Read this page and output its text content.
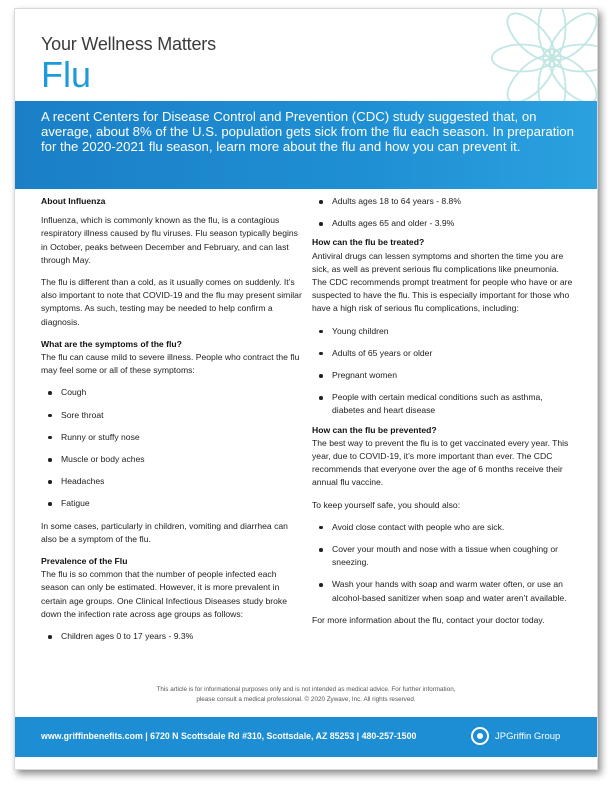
Your Wellness Matters
Flu

A recent Centers for Disease Control and Prevention (CDC) study suggested that, on average, about 8% of the U.S. population gets sick from the flu each season. In preparation for the 2020-2021 flu season, learn more about the flu and how you can prevent it.

About Influenza

Influenza, which is commonly known as the flu, is a contagious respiratory illness caused by flu viruses. Flu season typically begins in October, peaks between December and February, and can last through May.

The flu is different than a cold, as it usually comes on suddenly. It’s also important to note that COVID-19 and the flu may present similar symptoms. As such, testing may be needed to help confirm a diagnosis.

What are the symptoms of the flu?

The flu can cause mild to severe illness. People who contract the flu may feel some or all of these symptoms:

Cough
Sore throat
Runny or stuffy nose
Muscle or body aches
Headaches
Fatigue

In some cases, particularly in children, vomiting and diarrhea can also be a symptom of the flu.

Prevalence of the Flu

The flu is so common that the number of people infected each season can only be estimated. However, it is more prevalent in certain age groups. One Clinical Infectious Diseases study broke down the infection rate across age groups as follows:

Children ages 0 to 17 years - 9.3%
Adults ages 18 to 64 years - 8.8%
Adults ages 65 and older - 3.9%
How can the flu be treated?

Antiviral drugs can lessen symptoms and shorten the time you are sick, as well as prevent serious flu complications like pneumonia. The CDC recommends prompt treatment for people who have or are suspected to have the flu. This is especially important for those who have a high risk of serious flu complications, including:

Young children
Adults of 65 years or older
Pregnant women
People with certain medical conditions such as asthma, diabetes and heart disease
How can the flu be prevented?

The best way to prevent the flu is to get vaccinated every year. This year, due to COVID-19, it’s more important than ever. The CDC recommends that everyone over the age of 6 months receive their annual flu vaccine.

To keep yourself safe, you should also:

Avoid close contact with people who are sick.
Cover your mouth and nose with a tissue when coughing or sneezing.
Wash your hands with soap and warm water often, or use an alcohol-based sanitizer when soap and water aren’t available.

For more information about the flu, contact your doctor today.

This article is for informational purposes only and is not intended as medical advice. For further information,
please consult a medical professional. © 2020 Zywave, Inc. All rights reserved.
www.griffinbenefits.com | 6720 N Scottsdale Rd #310, Scottsdale, AZ 85253 | 480-257-1500	JPGriffin Group
